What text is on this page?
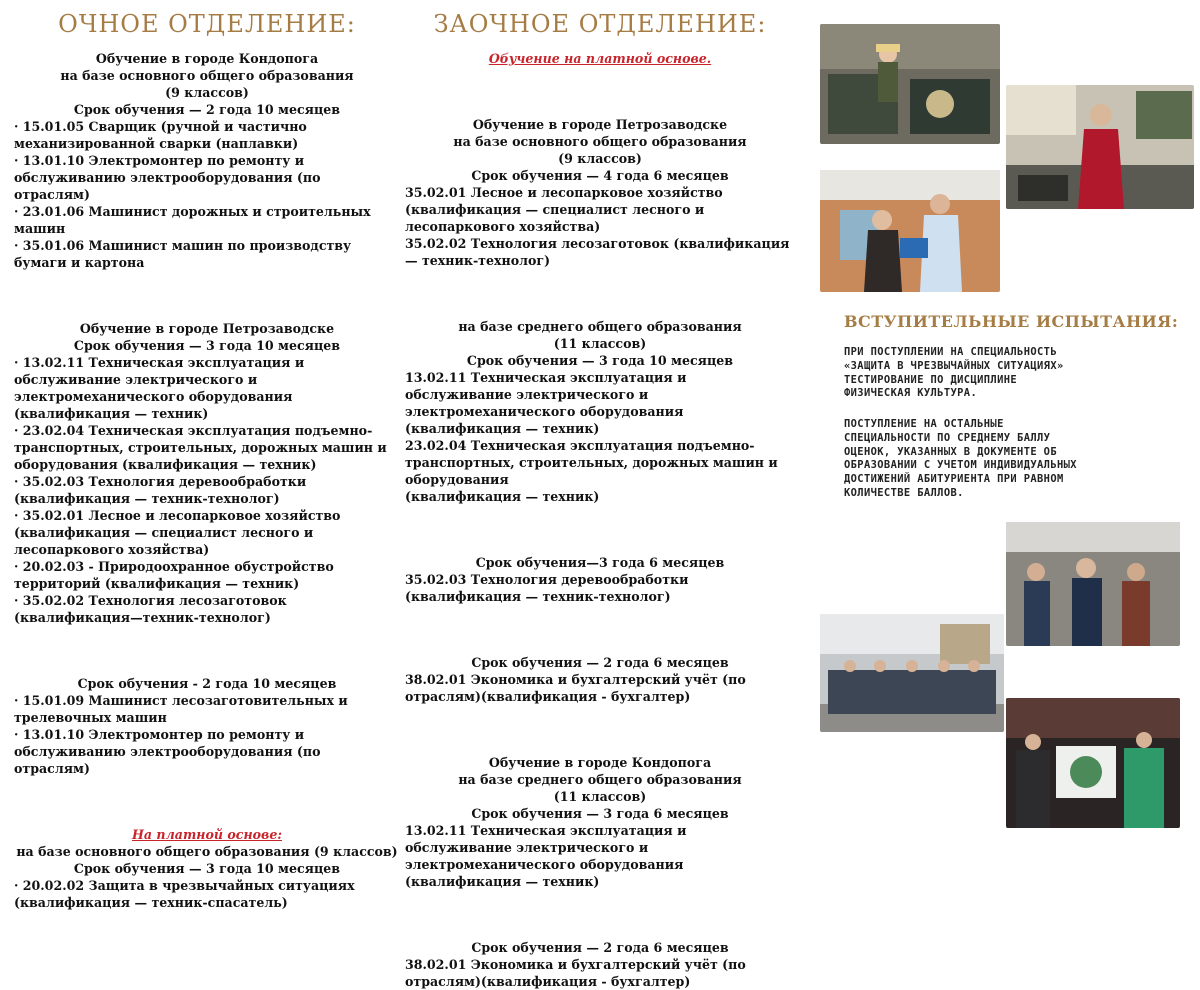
ОЧНОЕ ОТДЕЛЕНИЕ:

Обучение в городе Кондопога

на базе основного общего образования

(9 классов)

Срок обучения — 2 года 10 месяцев

· 15.01.05 Сварщик (ручной и частично

механизированной сварки (наплавки)

· 13.01.10 Электромонтер по ремонту и

обслуживанию электрооборудования (по

отраслям)

· 23.01.06 Машинист дорожных и строительных

машин

· 35.01.06 Машинист машин по производству

бумаги и картона

Обучение в городе Петрозаводске

Срок обучения — 3 года 10 месяцев

· 13.02.11 Техническая эксплуатация и

обслуживание электрического и

электромеханического оборудования

(квалификация — техник)

· 23.02.04 Техническая эксплуатация подъемно-

транспортных, строительных, дорожных машин и

оборудования (квалификация — техник)

· 35.02.03 Технология деревообработки

(квалификация — техник-технолог)

· 35.02.01 Лесное и лесопарковое хозяйство

(квалификация — специалист лесного и

лесопаркового хозяйства)

· 20.02.03 - Природоохранное обустройство

территорий (квалификация — техник)

· 35.02.02 Технология лесозаготовок

(квалификация—техник-технолог)

Срок обучения - 2 года 10 месяцев

· 15.01.09 Машинист лесозаготовительных и

трелевочных машин

· 13.01.10 Электромонтер по ремонту и

обслуживанию электрооборудования (по

отраслям)

На платной основе:

на базе основного общего образования (9 классов)

Срок обучения — 3 года 10 месяцев

· 20.02.02 Защита в чрезвычайных ситуациях

(квалификация — техник-спасатель)

ЗАОЧНОЕ ОТДЕЛЕНИЕ:

Обучение на платной основе.

Обучение в городе Петрозаводске

на базе основного общего образования

(9 классов)

Срок обучения — 4 года 6 месяцев

35.02.01 Лесное и лесопарковое хозяйство

(квалификация — специалист лесного и

лесопаркового хозяйства)

35.02.02 Технология лесозаготовок (квалификация

— техник-технолог)

на базе среднего общего образования

(11 классов)

Срок обучения — 3 года 10 месяцев

13.02.11 Техническая эксплуатация и

обслуживание электрического и

электромеханического оборудования

(квалификация — техник)

23.02.04 Техническая эксплуатация подъемно-

транспортных, строительных, дорожных машин и

оборудования

(квалификация — техник)

Срок обучения—3 года 6 месяцев

35.02.03 Технология деревообработки

(квалификация — техник-технолог)

Срок обучения — 2 года 6 месяцев

38.02.01 Экономика и бухгалтерский учёт (по

отраслям)(квалификация - бухгалтер)

Обучение в городе Кондопога

на базе среднего общего образования

(11 классов)

Срок обучения — 3 года 6 месяцев

13.02.11 Техническая эксплуатация и

обслуживание электрического и

электромеханического оборудования

(квалификация — техник)

Срок обучения — 2 года 6 месяцев

38.02.01 Экономика и бухгалтерский учёт (по

отраслям)(квалификация - бухгалтер)

ВСТУПИТЕЛЬНЫЕ ИСПЫТАНИЯ:

ПРИ ПОСТУПЛЕНИИ НА СПЕЦИАЛЬНОСТЬ
«ЗАЩИТА В ЧРЕЗВЫЧАЙНЫХ СИТУАЦИЯХ»
ТЕСТИРОВАНИЕ ПО ДИСЦИПЛИНЕ
ФИЗИЧЕСКАЯ КУЛЬТУРА.

ПОСТУПЛЕНИЕ НА ОСТАЛЬНЫЕ
СПЕЦИАЛЬНОСТИ ПО СРЕДНЕМУ БАЛЛУ
ОЦЕНОК, УКАЗАННЫХ В ДОКУМЕНТЕ ОБ
ОБРАЗОВАНИИ С УЧЕТОМ ИНДИВИДУАЛЬНЫХ
ДОСТИЖЕНИЙ АБИТУРИЕНТА ПРИ РАВНОМ
КОЛИЧЕСТВЕ БАЛЛОВ.
